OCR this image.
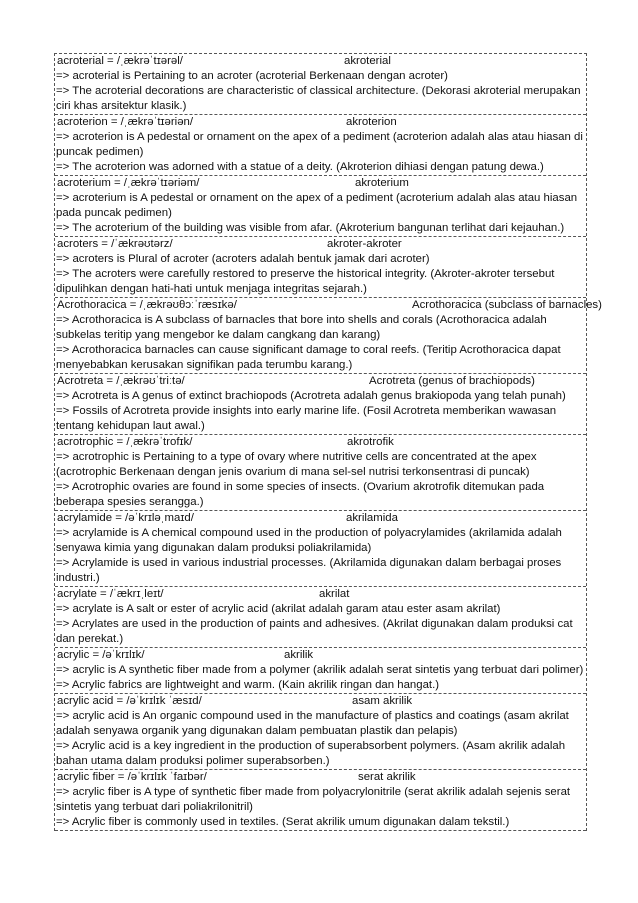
acroterial = /ˌækrəˈtɪərəl/	akroterial
=> acroterial is Pertaining to an acroter (acroterial Berkenaan dengan acroter)
=> The acroterial decorations are characteristic of classical architecture. (Dekorasi akroterial merupakan ciri khas arsitektur klasik.)
acroterion = /ˌækrəˈtɪəriən/	akroterion
=> acroterion is A pedestal or ornament on the apex of a pediment (acroterion adalah alas atau hiasan di puncak pedimen)
=> The acroterion was adorned with a statue of a deity. (Akroterion dihiasi dengan patung dewa.)
acroterium = /ˌækrəˈtɪəriəm/	akroterium
=> acroterium is A pedestal or ornament on the apex of a pediment (acroterium adalah alas atau hiasan pada puncak pedimen)
=> The acroterium of the building was visible from afar. (Akroterium bangunan terlihat dari kejauhan.)
acroters = /ˈækrəʊtərz/	akroter-akroter
=> acroters is Plural of acroter (acroters adalah bentuk jamak dari acroter)
=> The acroters were carefully restored to preserve the historical integrity. (Akroter-akroter tersebut dipulihkan dengan hati-hati untuk menjaga integritas sejarah.)
Acrothoracica = /ˌækrəʊθɔːˈræsɪkə/	Acrothoracica (subclass of barnacles)
=> Acrothoracica is A subclass of barnacles that bore into shells and corals (Acrothoracica adalah subkelas teritip yang mengebor ke dalam cangkang dan karang)
=> Acrothoracica barnacles can cause significant damage to coral reefs. (Teritip Acrothoracica dapat menyebabkan kerusakan signifikan pada terumbu karang.)
Acrotreta = /ˌækrəʊˈtriːtə/	Acrotreta (genus of brachiopods)
=> Acrotreta is A genus of extinct brachiopods (Acrotreta adalah genus brakiopoda yang telah punah)
=> Fossils of Acrotreta provide insights into early marine life. (Fosil Acrotreta memberikan wawasan tentang kehidupan laut awal.)
acrotrophic = /ˌækrəˈtrofɪk/	akrotrofik
=> acrotrophic is Pertaining to a type of ovary where nutritive cells are concentrated at the apex (acrotrophic Berkenaan dengan jenis ovarium di mana sel-sel nutrisi terkonsentrasi di puncak)
=> Acrotrophic ovaries are found in some species of insects. (Ovarium akrotrofik ditemukan pada beberapa spesies serangga.)
acrylamide = /əˈkrɪləˌmaɪd/	akrilamida
=> acrylamide is A chemical compound used in the production of polyacrylamides (akrilamida adalah senyawa kimia yang digunakan dalam produksi poliakrilamida)
=> Acrylamide is used in various industrial processes. (Akrilamida digunakan dalam berbagai proses industri.)
acrylate = /ˈækrɪˌleɪt/	akrilat
=> acrylate is A salt or ester of acrylic acid (akrilat adalah garam atau ester asam akrilat)
=> Acrylates are used in the production of paints and adhesives. (Akrilat digunakan dalam produksi cat dan perekat.)
acrylic = /əˈkrɪlɪk/	akrilik
=> acrylic is A synthetic fiber made from a polymer (akrilik adalah serat sintetis yang terbuat dari polimer)
=> Acrylic fabrics are lightweight and warm. (Kain akrilik ringan dan hangat.)
acrylic acid = /əˈkrɪlɪk ˈæsɪd/	asam akrilik
=> acrylic acid is An organic compound used in the manufacture of plastics and coatings (asam akrilat adalah senyawa organik yang digunakan dalam pembuatan plastik dan pelapis)
=> Acrylic acid is a key ingredient in the production of superabsorbent polymers. (Asam akrilik adalah bahan utama dalam produksi polimer superabsorben.)
acrylic fiber = /əˈkrɪlɪk ˈfaɪbər/	serat akrilik
=> acrylic fiber is A type of synthetic fiber made from polyacrylonitrile (serat akrilik adalah sejenis serat sintetis yang terbuat dari poliakrilonitril)
=> Acrylic fiber is commonly used in textiles. (Serat akrilik umum digunakan dalam tekstil.)
